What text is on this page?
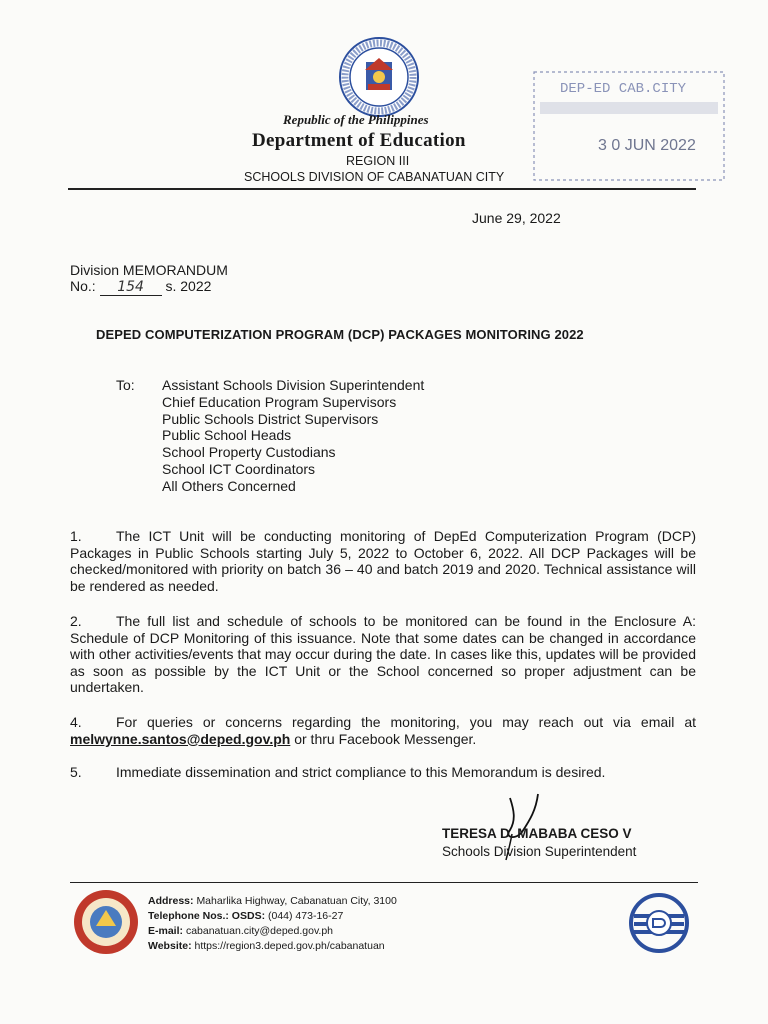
Republic of the Philippines
Department of Education
REGION III
SCHOOLS DIVISION OF CABANATUAN CITY
DEP-ED CAB.CITY
3 0 JUN 2022
June 29, 2022
Division MEMORANDUM
No.: 154 s. 2022
DEPED COMPUTERIZATION PROGRAM (DCP) PACKAGES MONITORING 2022
To: Assistant Schools Division Superintendent
Chief Education Program Supervisors
Public Schools District Supervisors
Public School Heads
School Property Custodians
School ICT Coordinators
All Others Concerned
1. The ICT Unit will be conducting monitoring of DepEd Computerization Program (DCP) Packages in Public Schools starting July 5, 2022 to October 6, 2022. All DCP Packages will be checked/monitored with priority on batch 36 – 40 and batch 2019 and 2020. Technical assistance will be rendered as needed.
2. The full list and schedule of schools to be monitored can be found in the Enclosure A: Schedule of DCP Monitoring of this issuance. Note that some dates can be changed in accordance with other activities/events that may occur during the date. In cases like this, updates will be provided as soon as possible by the ICT Unit or the School concerned so proper adjustment can be undertaken.
4. For queries or concerns regarding the monitoring, you may reach out via email at melwynne.santos@deped.gov.ph or thru Facebook Messenger.
5. Immediate dissemination and strict compliance to this Memorandum is desired.
TERESA D. MABABA CESO V
Schools Division Superintendent
Address: Maharlika Highway, Cabanatuan City, 3100
Telephone Nos.: OSDS: (044) 473-16-27
E-mail: cabanatuan.city@deped.gov.ph
Website: https://region3.deped.gov.ph/cabanatuan
